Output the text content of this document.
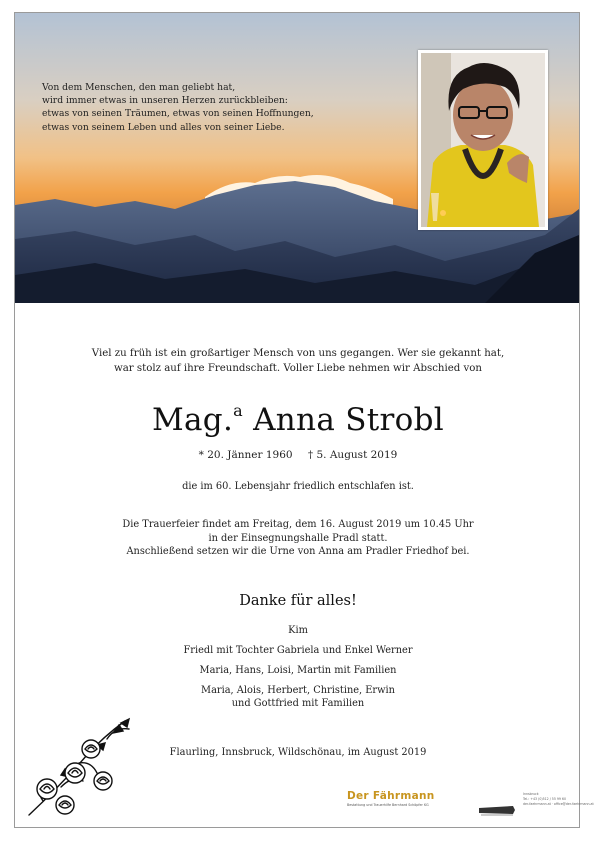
Von dem Menschen, den man geliebt hat,
wird immer etwas in unseren Herzen zurückbleiben:
etwas von seinen Träumen, etwas von seinen Hoffnungen,
etwas von seinem Leben und alles von seiner Liebe.
Viel zu früh ist ein großartiger Mensch von uns gegangen. Wer sie gekannt hat,
war stolz auf ihre Freundschaft. Voller Liebe nehmen wir Abschied von
Mag.$^a$ Anna Strobl
* 20. Jänner 1960 † 5. August 2019
die im 60. Lebensjahr friedlich entschlafen ist.
Die Trauerfeier findet am Freitag, dem 16. August 2019 um 10.45 Uhr
in der Einsegnungshalle Pradl statt.
Anschließend setzen wir die Urne von Anna am Pradler Friedhof bei.
Danke für alles!
Kim
Friedl mit Tochter Gabriela und Enkel Werner
Maria, Hans, Loisi, Martin mit Familien
Maria, Alois, Herbert, Christine, Erwin
und Gottfried mit Familien
Flaurling, Innsbruck, Wildschönau, im August 2019
Der Fährmann
Bestattung und Trauerhilfe Bernhard Schöpfer KG
Innsbruck
Tel.: +43 (0)512 / 55 99 60
der-faehrmann.at · office@der-faehrmann.at
